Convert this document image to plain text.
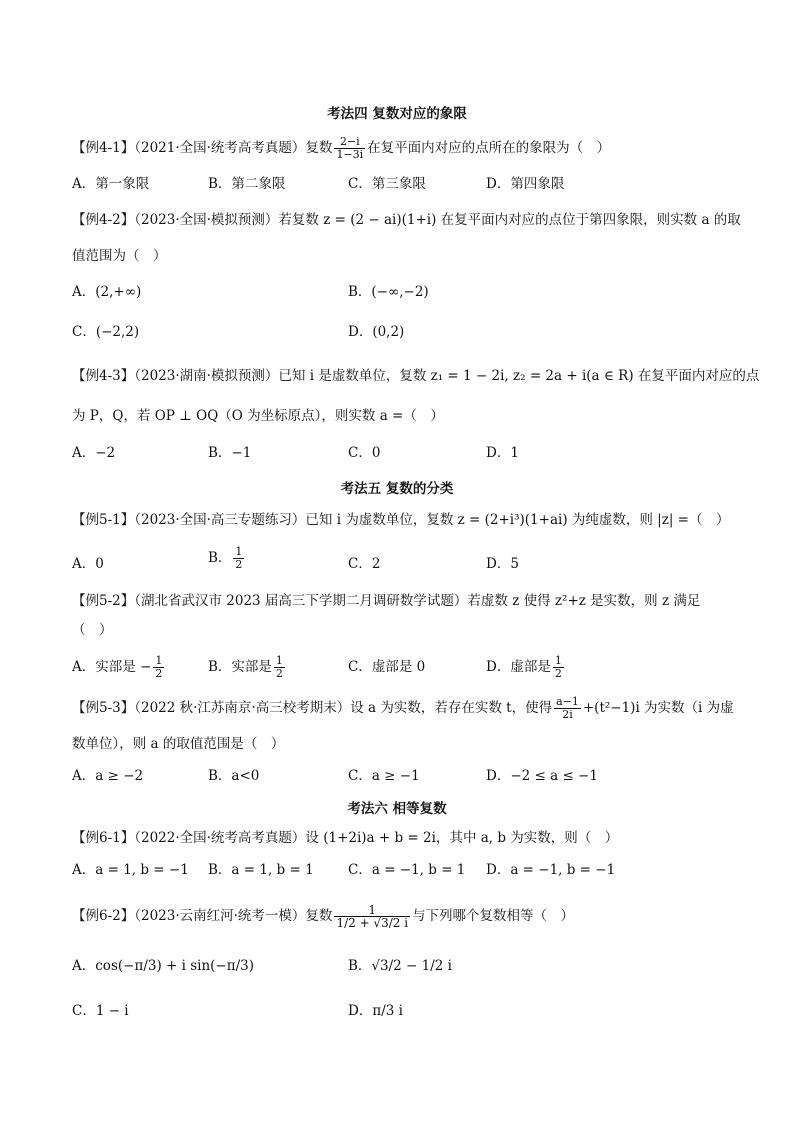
考法四 复数对应的象限
【例4-1】（2021·全国·统考高考真题）复数 $\frac{2-i}{1-3i}$ 在复平面内对应的点所在的象限为（　）
A．第一象限	B．第二象限	C．第三象限	D．第四象限
【例4-2】（2023·全国·模拟预测）若复数 z = (2 − ai)(1+i) 在复平面内对应的点位于第四象限，则实数 a 的取
值范围为（　）
A．(2,+∞)	B．(−∞,−2)
C．(−2,2)	D．(0,2)
【例4-3】（2023·湖南·模拟预测）已知 i 是虚数单位，复数 z₁ = 1 − 2i, z₂ = 2a + i(a ∈ R) 在复平面内对应的点
为 P，Q，若 OP ⊥ OQ（O 为坐标原点），则实数 a =（　）
A．−2	B．−1	C．0	D．1
考法五 复数的分类
【例5-1】（2023·全国·高三专题练习）已知 i 为虚数单位，复数 z = (2+i³)(1+ai) 为纯虚数，则 |z| =（　）
A．0	B． $\frac{1}{2}$	C．2	D．5
【例5-2】（湖北省武汉市 2023 届高三下学期二月调研数学试题）若虚数 z 使得 z²+z 是实数，则 z 满足
（　）
A．实部是 − $\frac{1}{2}$	B．实部是 $\frac{1}{2}$	C．虚部是 0	D．虚部是 $\frac{1}{2}$
【例5-3】（2022 秋·江苏南京·高三校考期末）设 a 为实数，若存在实数 t，使得 $\frac{a-1}{2i} +(t^2-1)i$ 为实数（i 为虚
数单位），则 a 的取值范围是（　）
A．a ≥ −2	B．a<0	C．a ≥ −1	D．−2 ≤ a ≤ −1
考法六 相等复数
【例6-1】（2022·全国·统考高考真题）设 (1+2i)a + b = 2i，其中 a, b 为实数，则（　）
A．a = 1, b = −1 B．a = 1, b = 1	C．a = −1, b = 1 D．a = −1, b = −1
【例6-2】（2023·云南红河·统考一模）复数 $\frac{1}{1/2 + √3/2 i}$ 与下列哪个复数相等（　）
A．cos(−π/3) + i sin(−π/3)	B．√3/2 − 1/2 i
C．1 − i	D．π/3 i
